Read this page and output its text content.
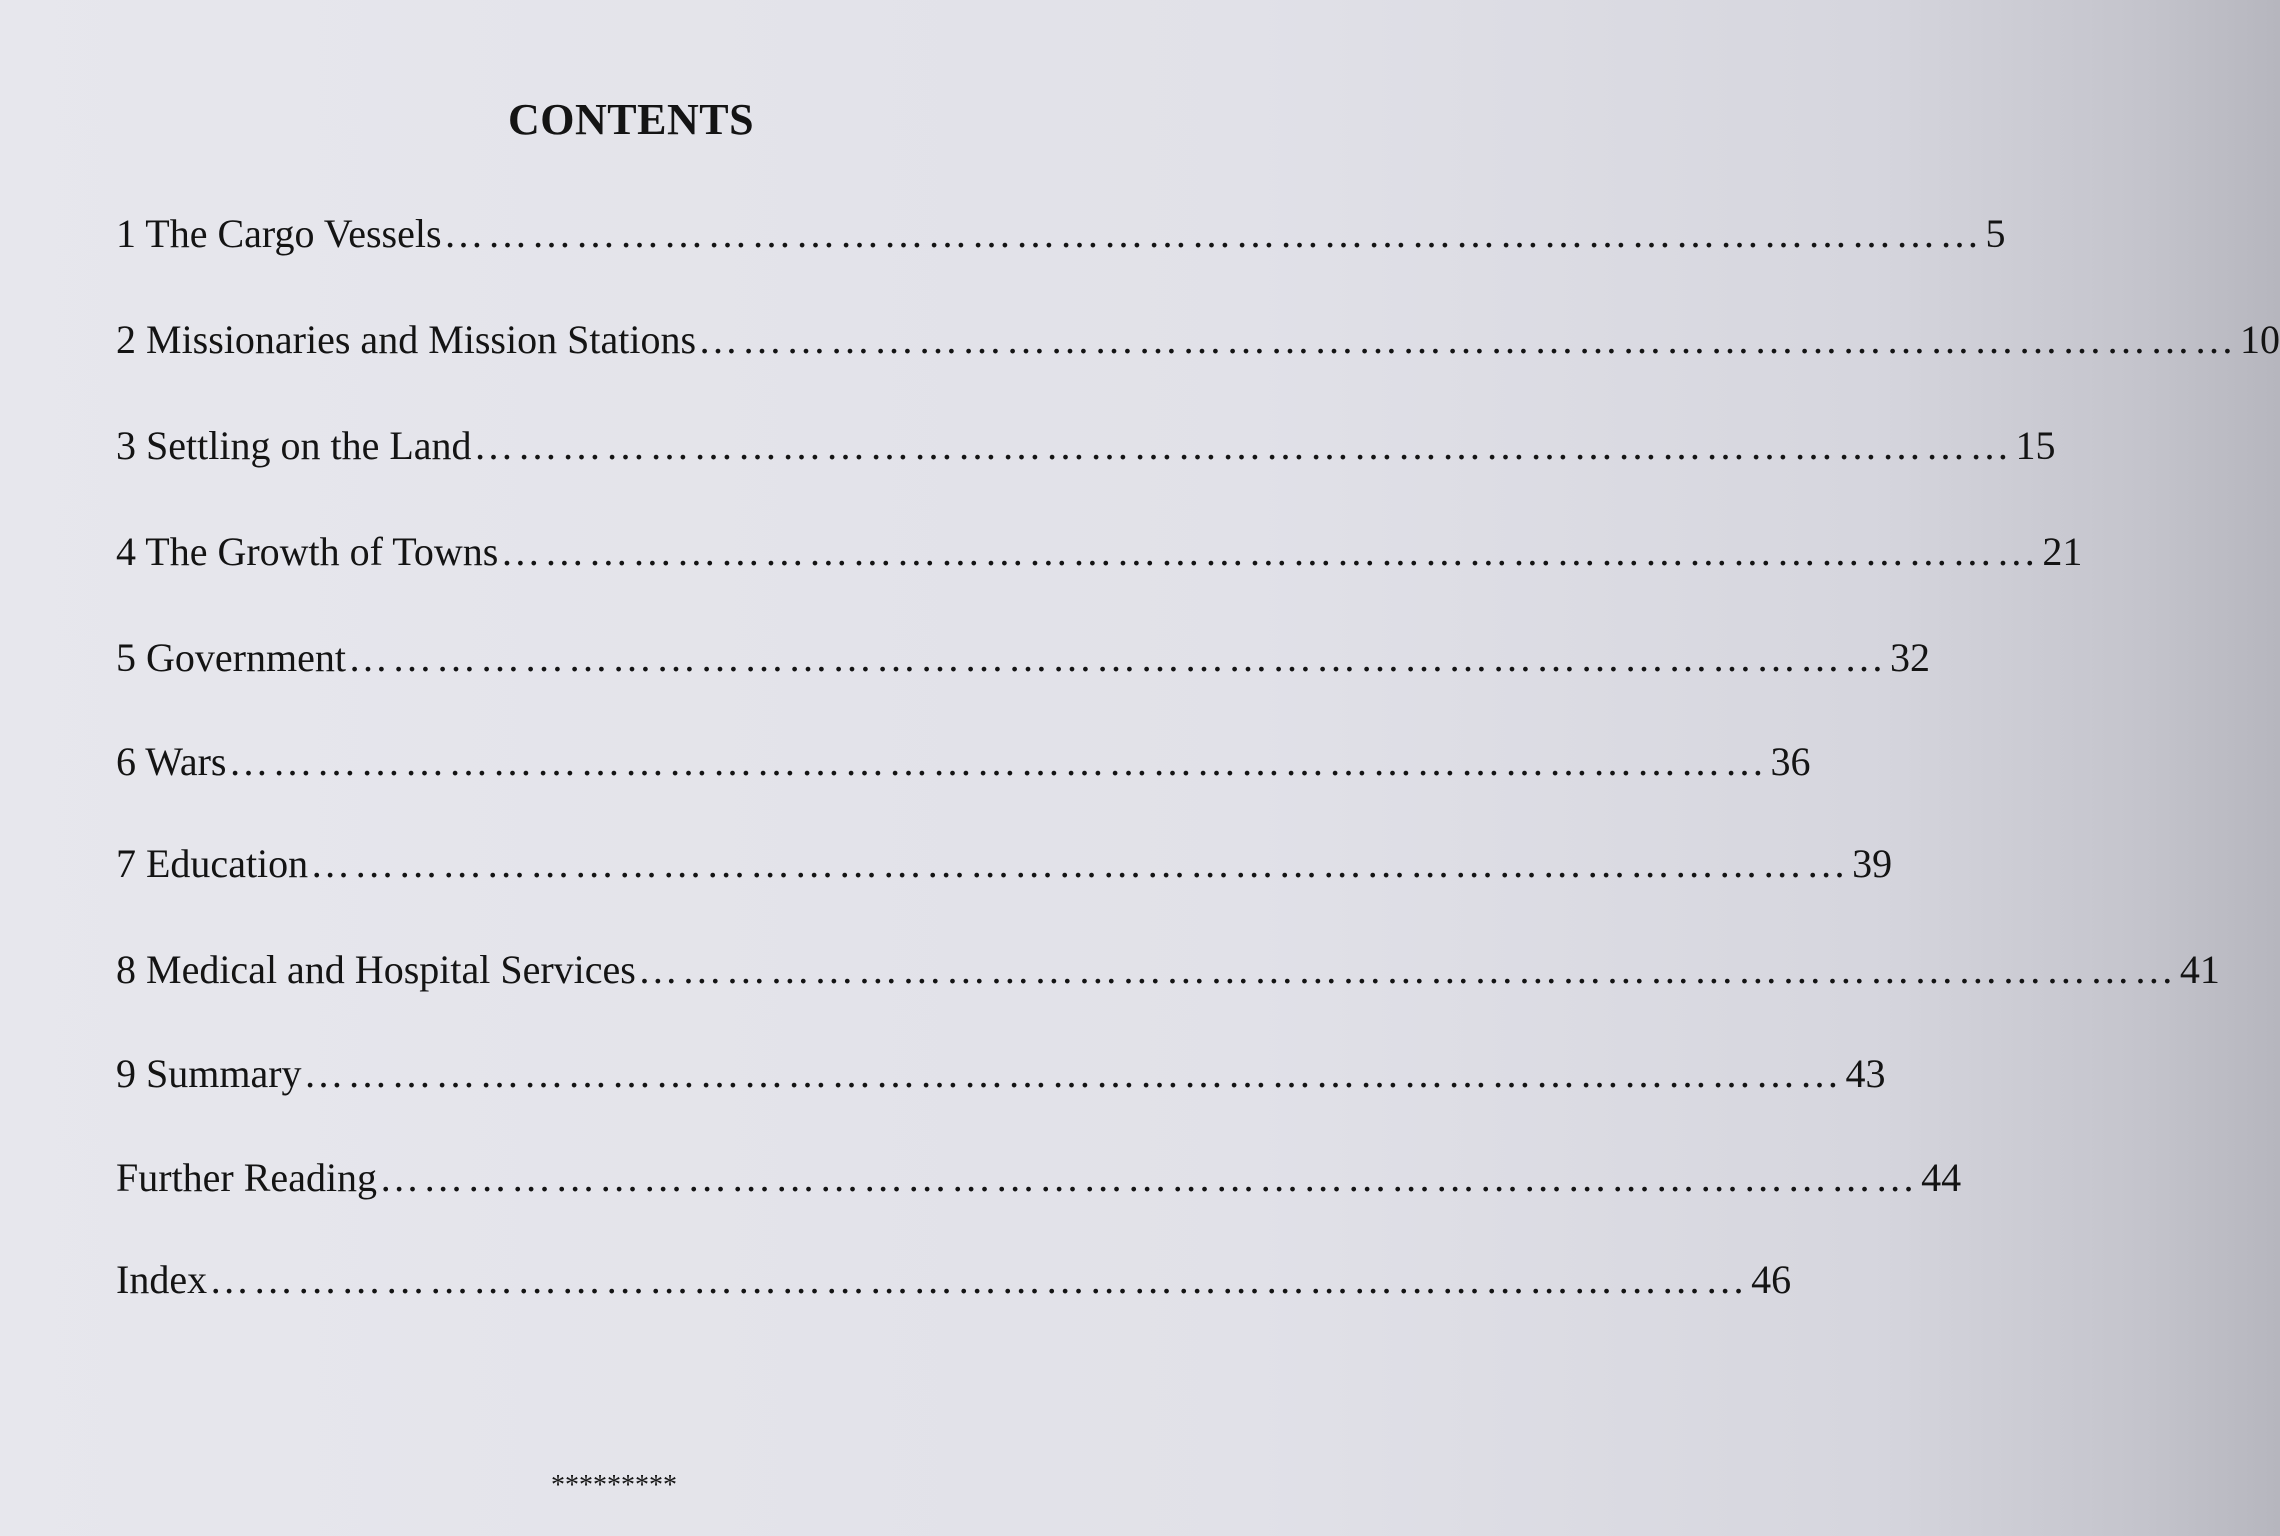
CONTENTS
1 The Cargo Vessels …………………………………………………………………………………………… 5
2 Missionaries and Mission Stations …………………………………………………………………………………………… 10
3 Settling on the Land …………………………………………………………………………………………… 15
4 The Growth of Towns …………………………………………………………………………………………… 21
5 Government …………………………………………………………………………………………… 32
6 Wars …………………………………………………………………………………………… 36
7 Education …………………………………………………………………………………………… 39
8 Medical and Hospital Services …………………………………………………………………………………………… 41
9 Summary …………………………………………………………………………………………… 43
Further Reading …………………………………………………………………………………………… 44
Index …………………………………………………………………………………………… 46
*********
